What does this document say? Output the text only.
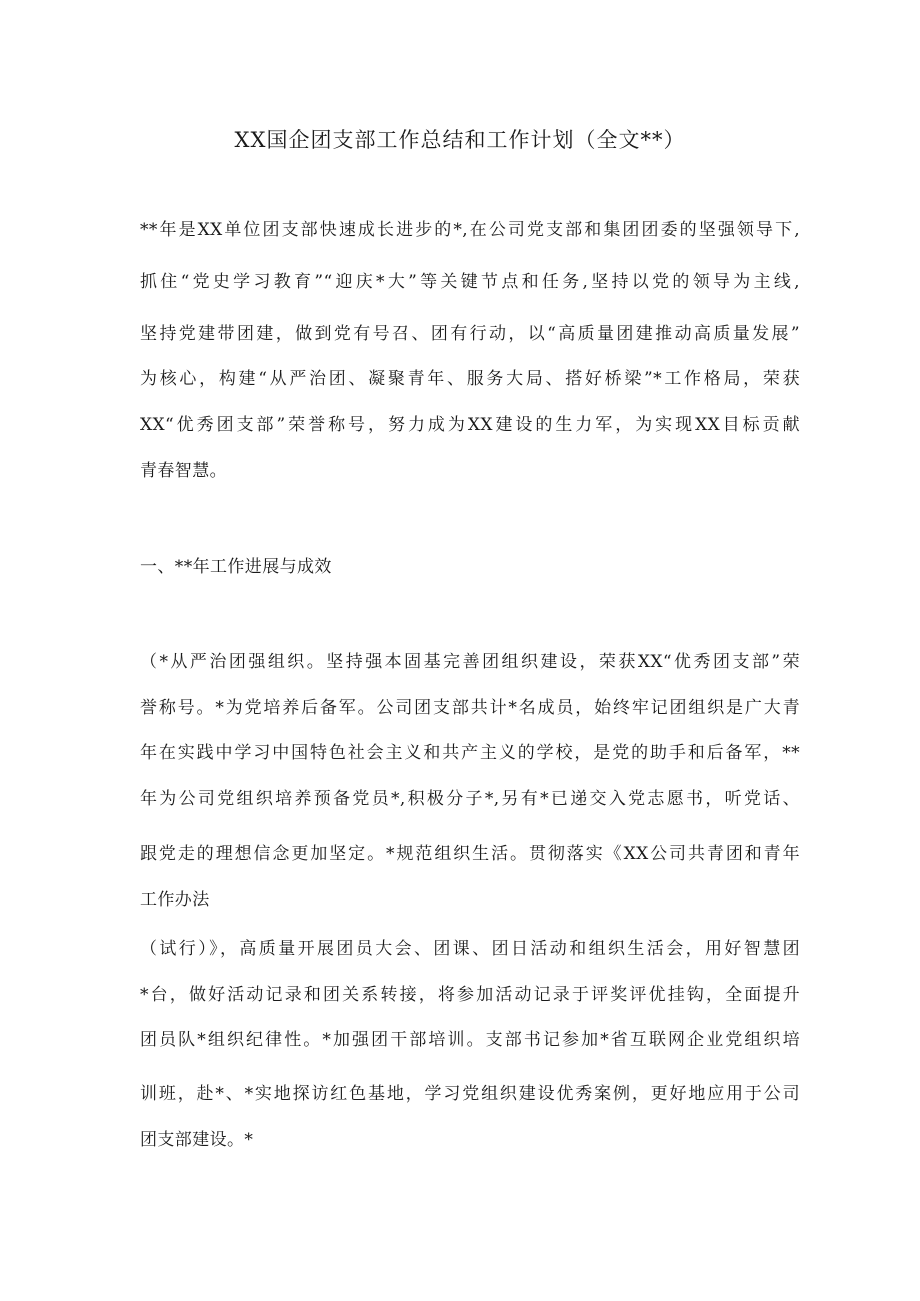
XX国企团支部工作总结和工作计划（全文**）
**年是XX单位团支部快速成长进步的*,在公司党支部和集团团委的坚强领导下,
抓住“党史学习教育”“迎庆*大”等关键节点和任务,坚持以党的领导为主线,
坚持党建带团建，做到党有号召、团有行动，以“高质量团建推动高质量发展”
为核心，构建“从严治团、凝聚青年、服务大局、搭好桥梁”*工作格局，荣获
XX“优秀团支部”荣誉称号，努力成为XX建设的生力军，为实现XX目标贡献
青春智慧。
一、**年工作进展与成效
（*从严治团强组织。坚持强本固基完善团组织建设，荣获XX“优秀团支部”荣
誉称号。*为党培养后备军。公司团支部共计*名成员，始终牢记团组织是广大青
年在实践中学习中国特色社会主义和共产主义的学校，是党的助手和后备军，**
年为公司党组织培养预备党员*,积极分子*,另有*已递交入党志愿书，听党话、
跟党走的理想信念更加坚定。*规范组织生活。贯彻落实《XX公司共青团和青年
工作办法
（试行）》，高质量开展团员大会、团课、团日活动和组织生活会，用好智慧团
*台，做好活动记录和团关系转接，将参加活动记录于评奖评优挂钩，全面提升
团员队*组织纪律性。*加强团干部培训。支部书记参加*省互联网企业党组织培
训班，赴*、*实地探访红色基地，学习党组织建设优秀案例，更好地应用于公司
团支部建设。*
